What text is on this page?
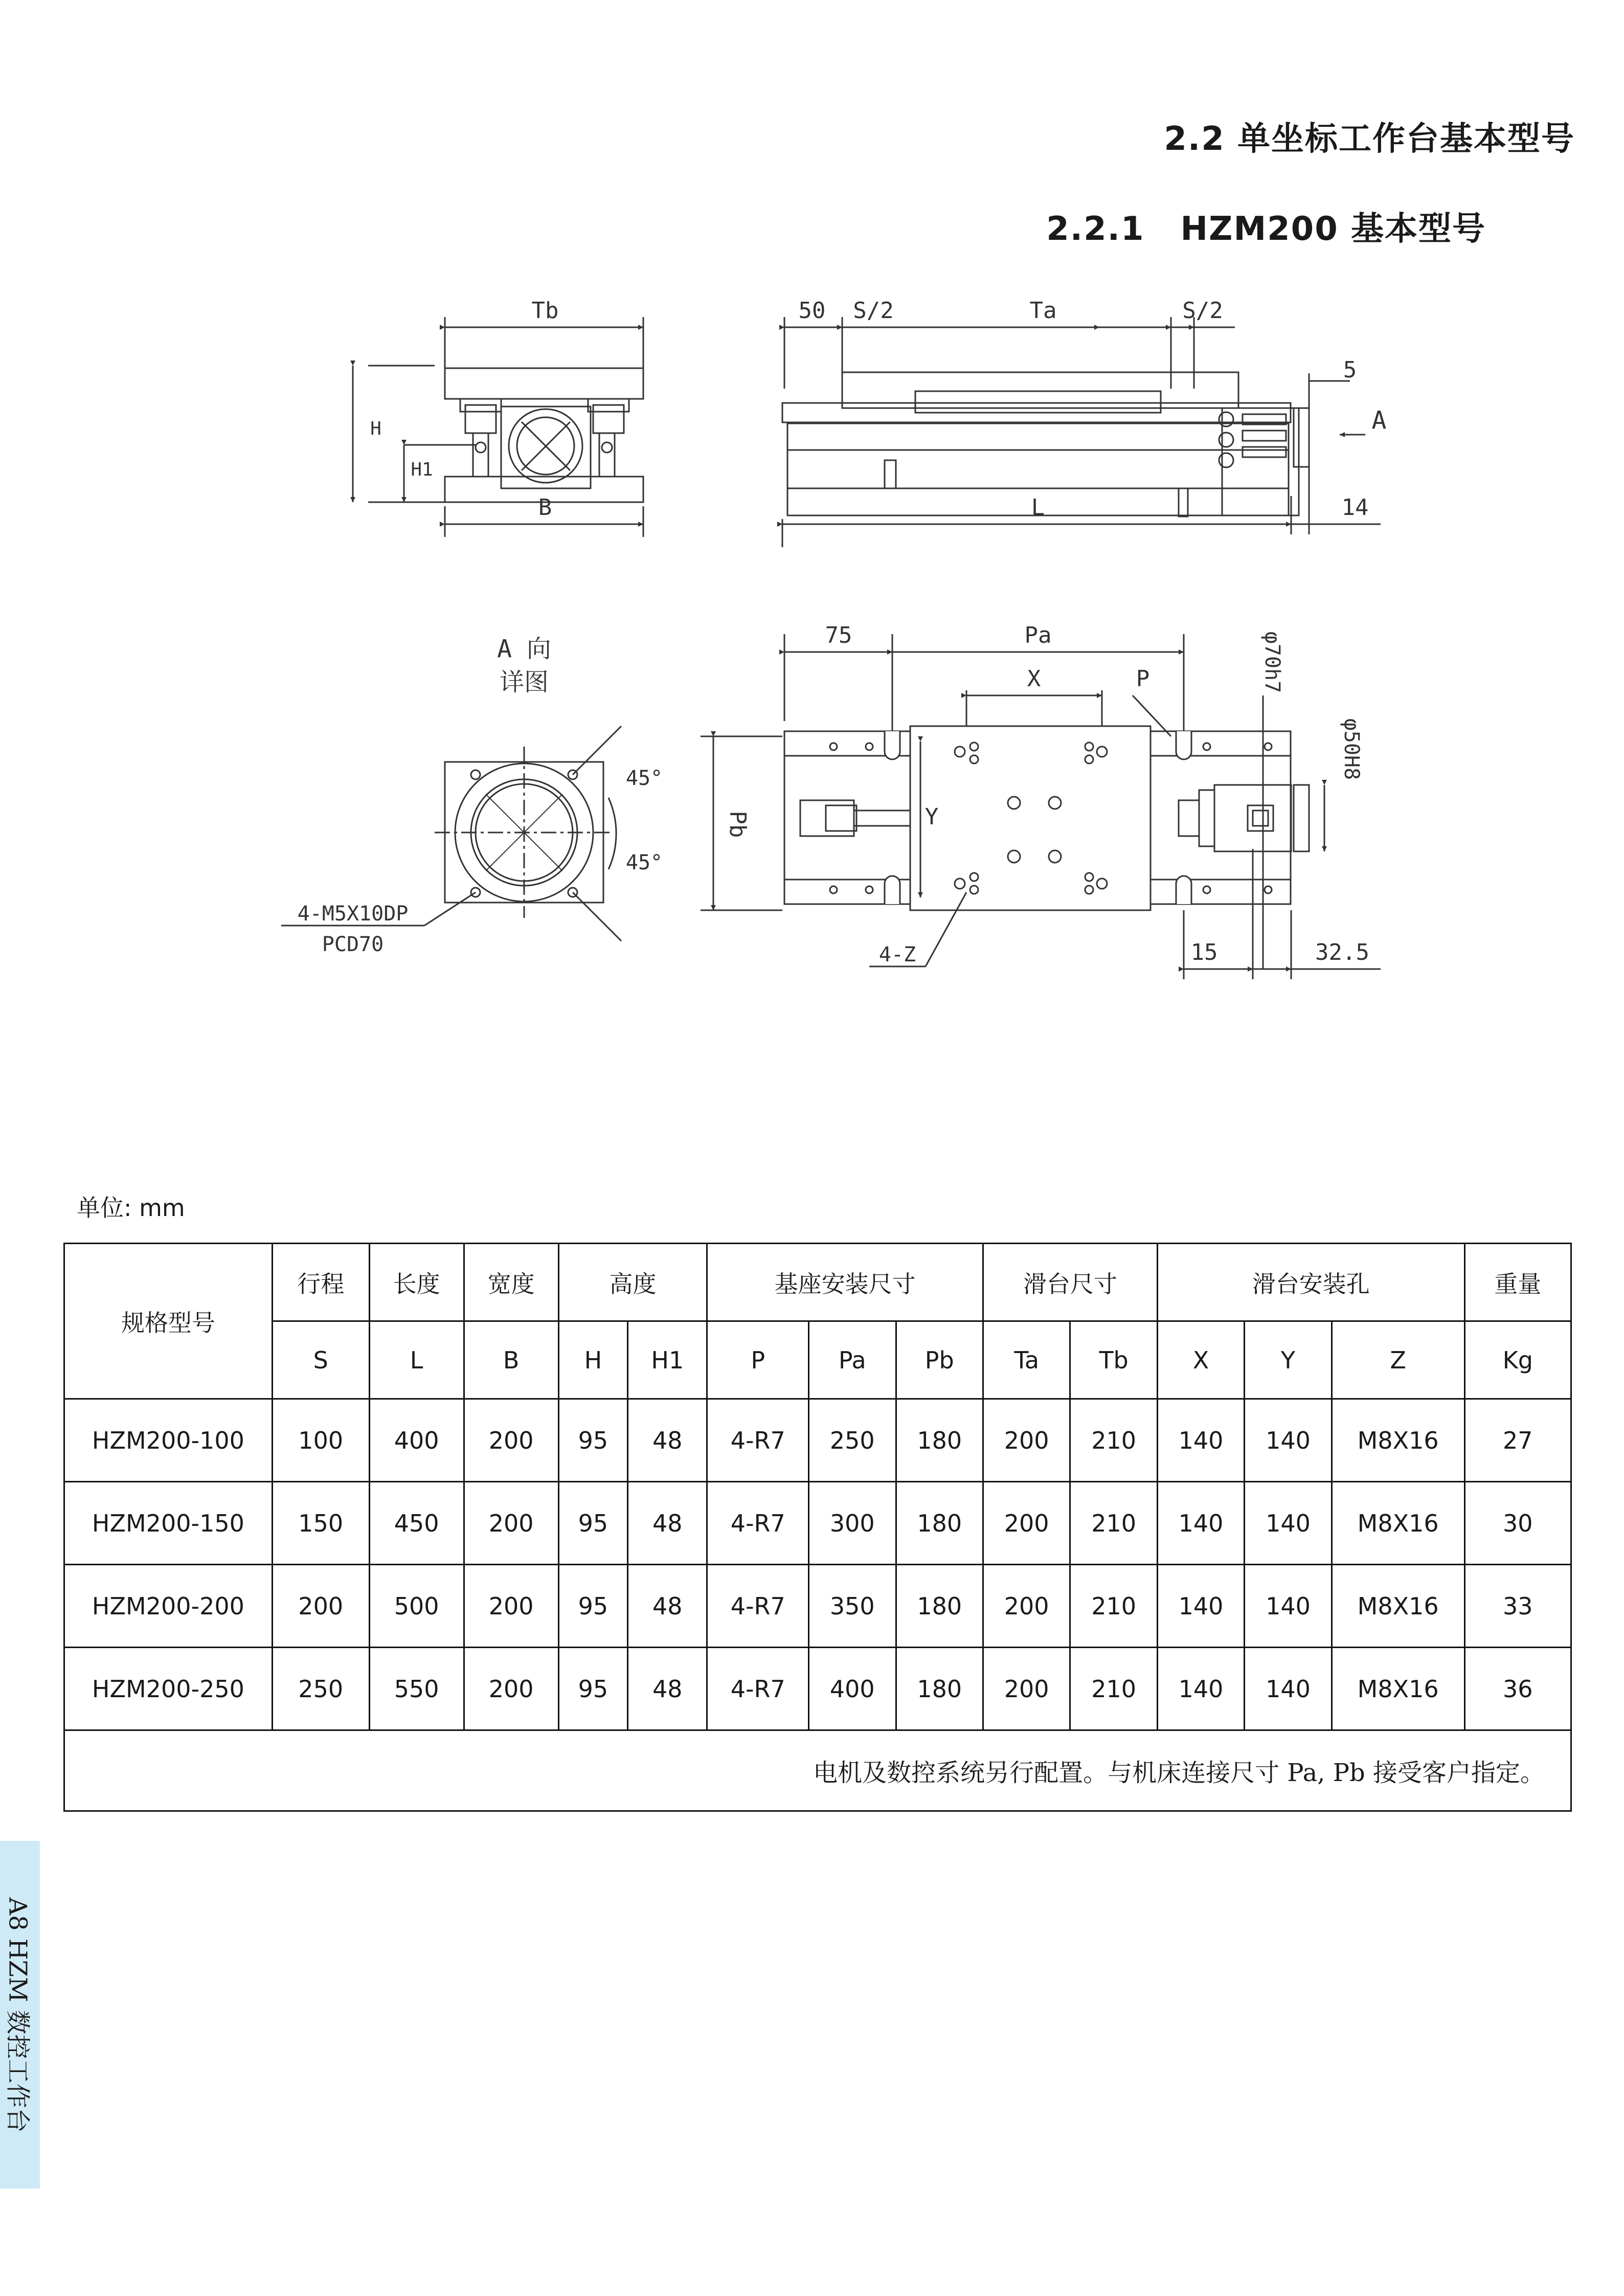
2.2 单坐标工作台基本型号
2.2.1 HZM200 基本型号
Ta
S/2	S/2
50
5
A
L	14
Tb
H
H1
B
A 向
详图
45°
45°
4-M5X10DP
PCD70
75	Pa
X	P	φ70h7
φ50H8
Y
Pb
4-Z	15	32.5
单位: mm
规格型号	行程	长度	宽度	高度		基座安装尺寸			滑台尺寸		滑台安装孔			重量
	S	L	B	H	H1	P	Pa	Pb	Ta	Tb	X	Y	Z	Kg
HZM200-100	100	400	200	95	48	4-R7	250	180	200	210	140	140	M8X16	27
HZM200-150	150	450	200	95	48	4-R7	300	180	200	210	140	140	M8X16	30
HZM200-200	200	500	200	95	48	4-R7	350	180	200	210	140	140	M8X16	33
HZM200-250	250	550	200	95	48	4-R7	400	180	200	210	140	140	M8X16	36
电机及数控系统另行配置。与机床连接尺寸 Pa, Pb 接受客户指定。														
A8 HZM 数控工作台
